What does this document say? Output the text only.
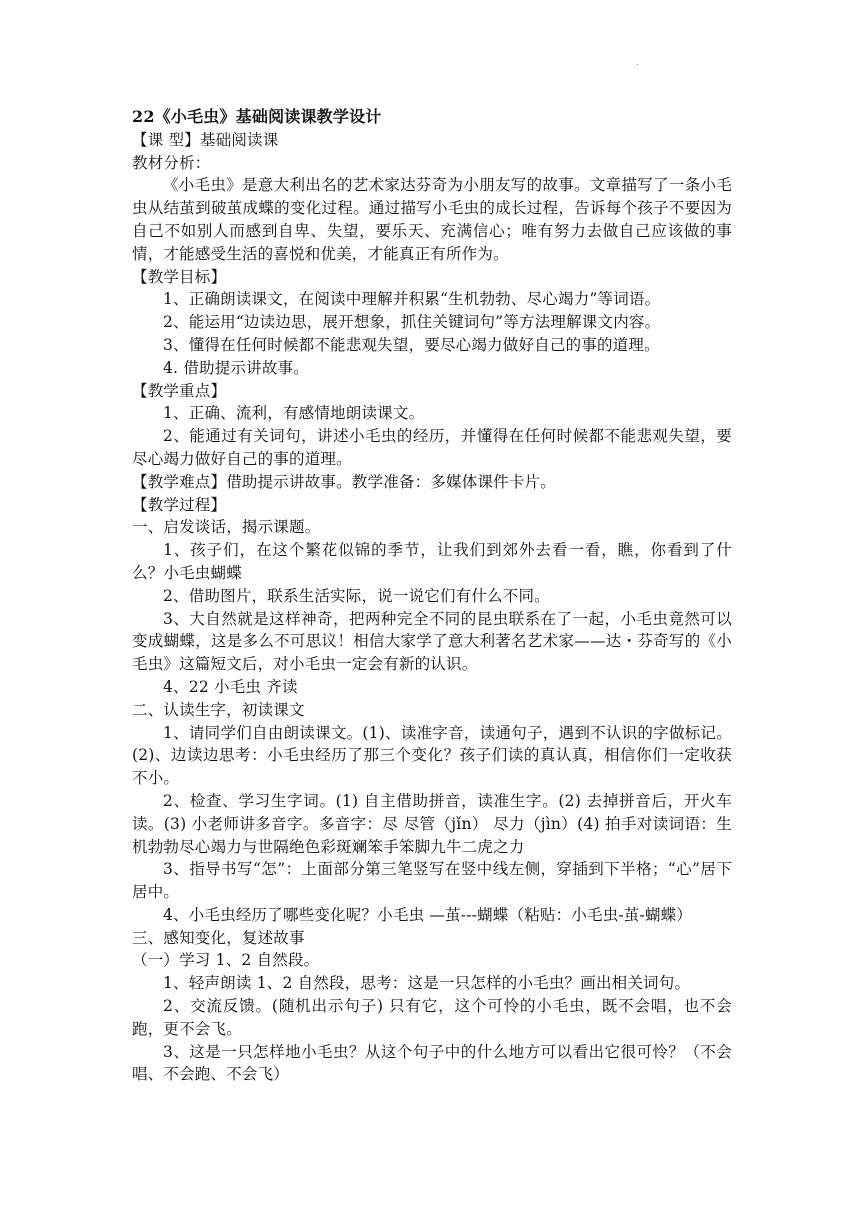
.

22《小毛虫》基础阅读课教学设计

【课 型】基础阅读课

教材分析：

《小毛虫》是意大利出名的艺术家达芬奇为小朋友写的故事。文章描写了一条小毛虫从结茧到破茧成蝶的变化过程。通过描写小毛虫的成长过程，告诉每个孩子不要因为自己不如别人而感到自卑、失望，要乐天、充满信心；唯有努力去做自己应该做的事情，才能感受生活的喜悦和优美，才能真正有所作为。

【教学目标】

1、正确朗读课文，在阅读中理解并积累“生机勃勃、尽心竭力”等词语。

2、能运用“边读边思，展开想象，抓住关键词句”等方法理解课文内容。

3、懂得在任何时候都不能悲观失望，要尽心竭力做好自己的事的道理。

4. 借助提示讲故事。

【教学重点】

1、正确、流利，有感情地朗读课文。

2、能通过有关词句，讲述小毛虫的经历，并懂得在任何时候都不能悲观失望，要尽心竭力做好自己的事的道理。

【教学难点】借助提示讲故事。教学准备：多媒体课件卡片。

【教学过程】

一、启发谈话，揭示课题。

1、孩子们，在这个繁花似锦的季节，让我们到郊外去看一看，瞧，你看到了什么？小毛虫蝴蝶

2、借助图片，联系生活实际，说一说它们有什么不同。

3、大自然就是这样神奇，把两种完全不同的昆虫联系在了一起，小毛虫竟然可以变成蝴蝶，这是多么不可思议！相信大家学了意大利著名艺术家——达・芬奇写的《小毛虫》这篇短文后，对小毛虫一定会有新的认识。

4、22 小毛虫 齐读

二、认读生字，初读课文

1、请同学们自由朗读课文。(1)、读准字音，读通句子，遇到不认识的字做标记。(2)、边读边思考：小毛虫经历了那三个变化？孩子们读的真认真，相信你们一定收获不小。

2、检查、学习生字词。(1) 自主借助拼音，读准生字。(2) 去掉拼音后，开火车读。(3) 小老师讲多音字。多音字：尽 尽管（jǐn） 尽力（jìn）(4) 拍手对读词语：生机勃勃尽心竭力与世隔绝色彩斑斓笨手笨脚九牛二虎之力

3、指导书写“怎”：上面部分第三笔竖写在竖中线左侧，穿插到下半格；“心”居下居中。

4、小毛虫经历了哪些变化呢？小毛虫 —茧---蝴蝶（粘贴：小毛虫-茧-蝴蝶）

三、感知变化，复述故事

（一）学习 1、2 自然段。

1、轻声朗读 1、2 自然段，思考：这是一只怎样的小毛虫？画出相关词句。

2、交流反馈。(随机出示句子) 只有它，这个可怜的小毛虫，既不会唱，也不会跑，更不会飞。

3、这是一只怎样地小毛虫？从这个句子中的什么地方可以看出它很可怜？（不会唱、不会跑、不会飞）
